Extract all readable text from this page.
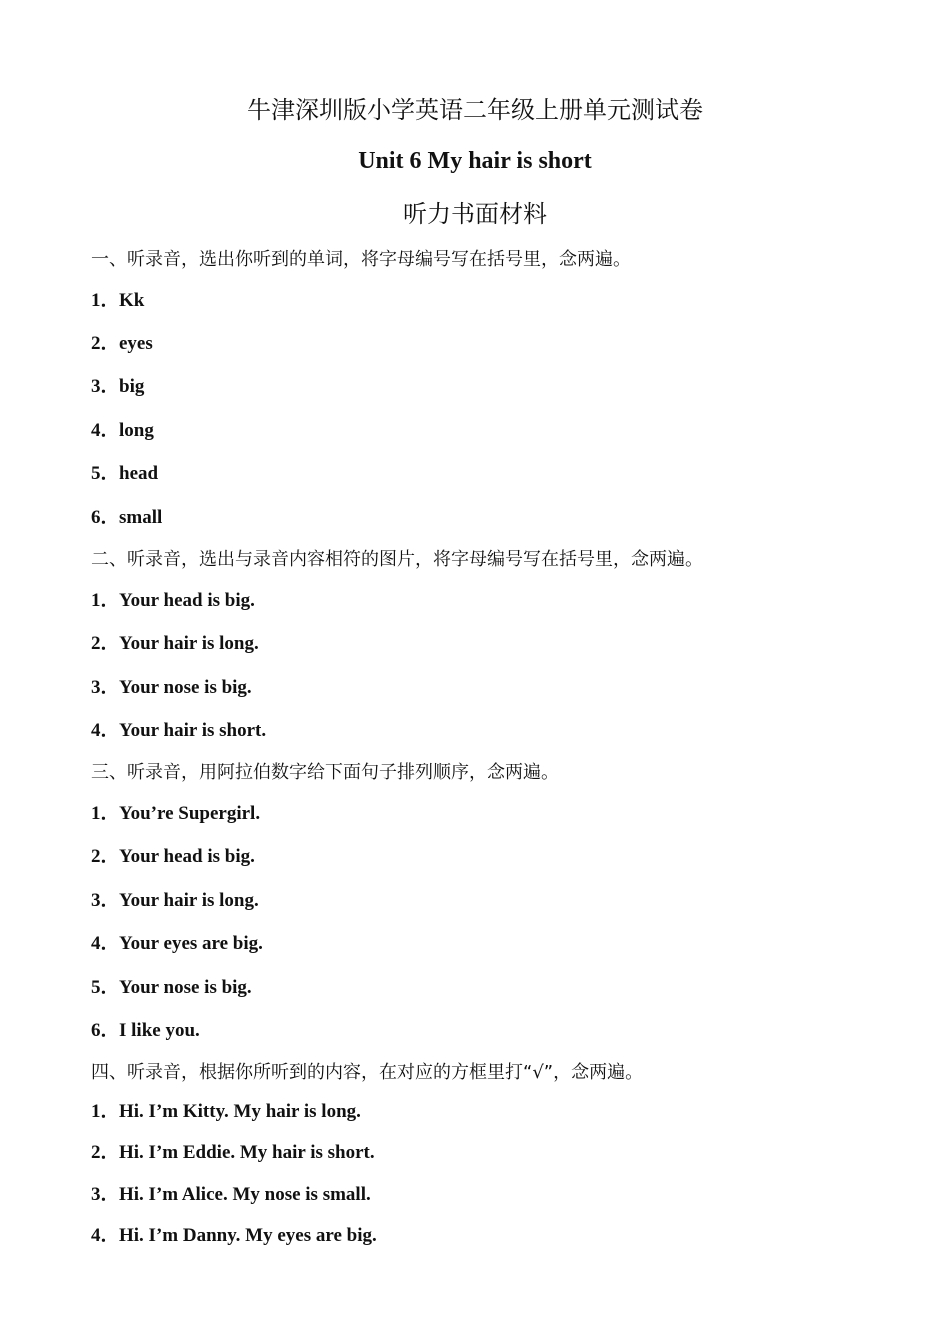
牛津深圳版小学英语二年级上册单元测试卷
Unit 6 My hair is short
听力书面材料
一、听录音，选出你听到的单词，将字母编号写在括号里，念两遍。
1．Kk
2．eyes
3．big
4．long
5．head
6．small
二、听录音，选出与录音内容相符的图片，将字母编号写在括号里，念两遍。
1．Your head is big.
2．Your hair is long.
3．Your nose is big.
4．Your hair is short.
三、听录音，用阿拉伯数字给下面句子排列顺序，念两遍。
1．You’re Supergirl.
2．Your head is big.
3．Your hair is long.
4．Your eyes are big.
5．Your nose is big.
6．I like you.
四、听录音，根据你所听到的内容，在对应的方框里打“√”，念两遍。
1．Hi. I’m Kitty. My hair is long.
2．Hi. I’m Eddie. My hair is short.
3．Hi. I’m Alice. My nose is small.
4．Hi. I’m Danny. My eyes are big.
